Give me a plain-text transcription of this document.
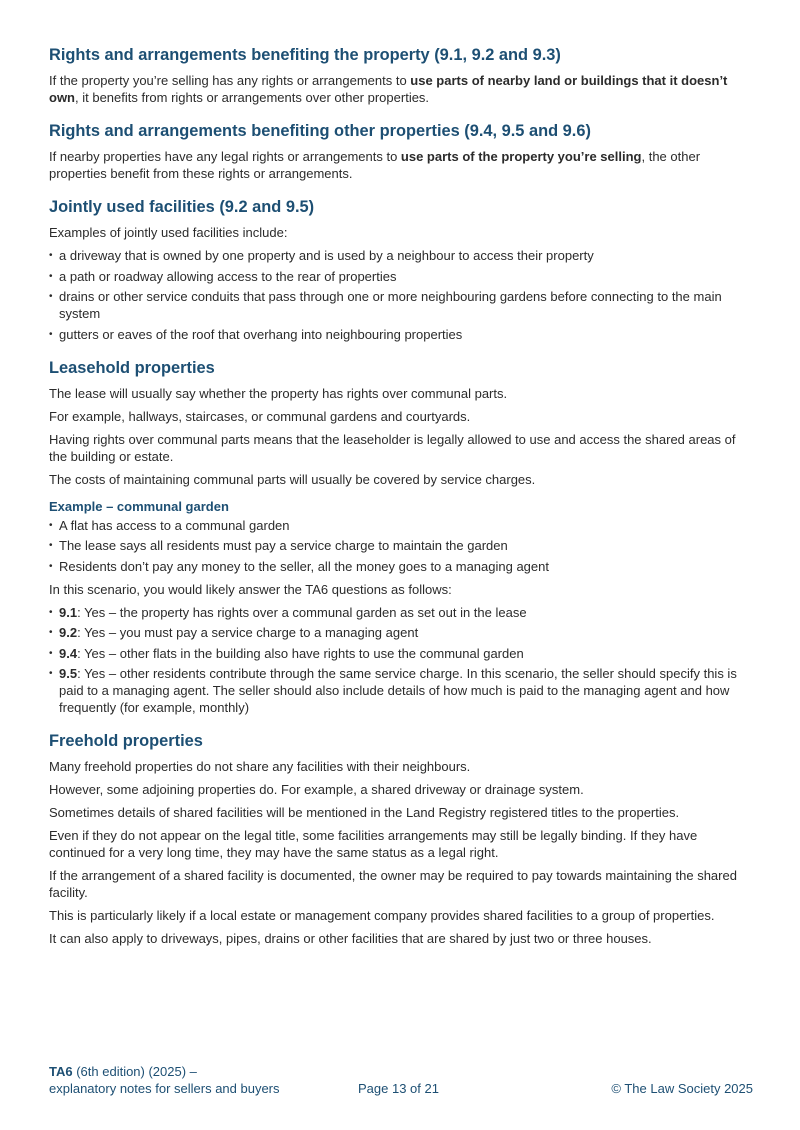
Rights and arrangements benefiting the property (9.1, 9.2 and 9.3)

If the property you’re selling has any rights or arrangements to use parts of nearby land or buildings that it doesn’t own, it benefits from rights or arrangements over other properties.

Rights and arrangements benefiting other properties (9.4, 9.5 and 9.6)

If nearby properties have any legal rights or arrangements to use parts of the property you’re selling, the other properties benefit from these rights or arrangements.

Jointly used facilities (9.2 and 9.5)

Examples of jointly used facilities include:

• a driveway that is owned by one property and is used by a neighbour to access their property
• a path or roadway allowing access to the rear of properties
• drains or other service conduits that pass through one or more neighbouring gardens before connecting to the main system
• gutters or eaves of the roof that overhang into neighbouring properties
Leasehold properties

The lease will usually say whether the property has rights over communal parts.

For example, hallways, staircases, or communal gardens and courtyards.

Having rights over communal parts means that the leaseholder is legally allowed to use and access the shared areas of the building or estate.

The costs of maintaining communal parts will usually be covered by service charges.

Example – communal garden
• A flat has access to a communal garden
• The lease says all residents must pay a service charge to maintain the garden
• Residents don’t pay any money to the seller, all the money goes to a managing agent

In this scenario, you would likely answer the TA6 questions as follows:

• 9.1: Yes – the property has rights over a communal garden as set out in the lease
• 9.2: Yes – you must pay a service charge to a managing agent
• 9.4: Yes – other flats in the building also have rights to use the communal garden
• 9.5: Yes – other residents contribute through the same service charge. In this scenario, the seller should specify this is paid to a managing agent. The seller should also include details of how much is paid to the managing agent and how frequently (for example, monthly)
Freehold properties

Many freehold properties do not share any facilities with their neighbours.

However, some adjoining properties do. For example, a shared driveway or drainage system.

Sometimes details of shared facilities will be mentioned in the Land Registry registered titles to the properties.

Even if they do not appear on the legal title, some facilities arrangements may still be legally binding. If they have continued for a very long time, they may have the same status as a legal right.

If the arrangement of a shared facility is documented, the owner may be required to pay towards maintaining the shared facility.

This is particularly likely if a local estate or management company provides shared facilities to a group of properties.

It can also apply to driveways, pipes, drains or other facilities that are shared by just two or three houses.

TA6 (6th edition) (2025) –
explanatory notes for sellers and buyers	Page 13 of 21	© The Law Society 2025
